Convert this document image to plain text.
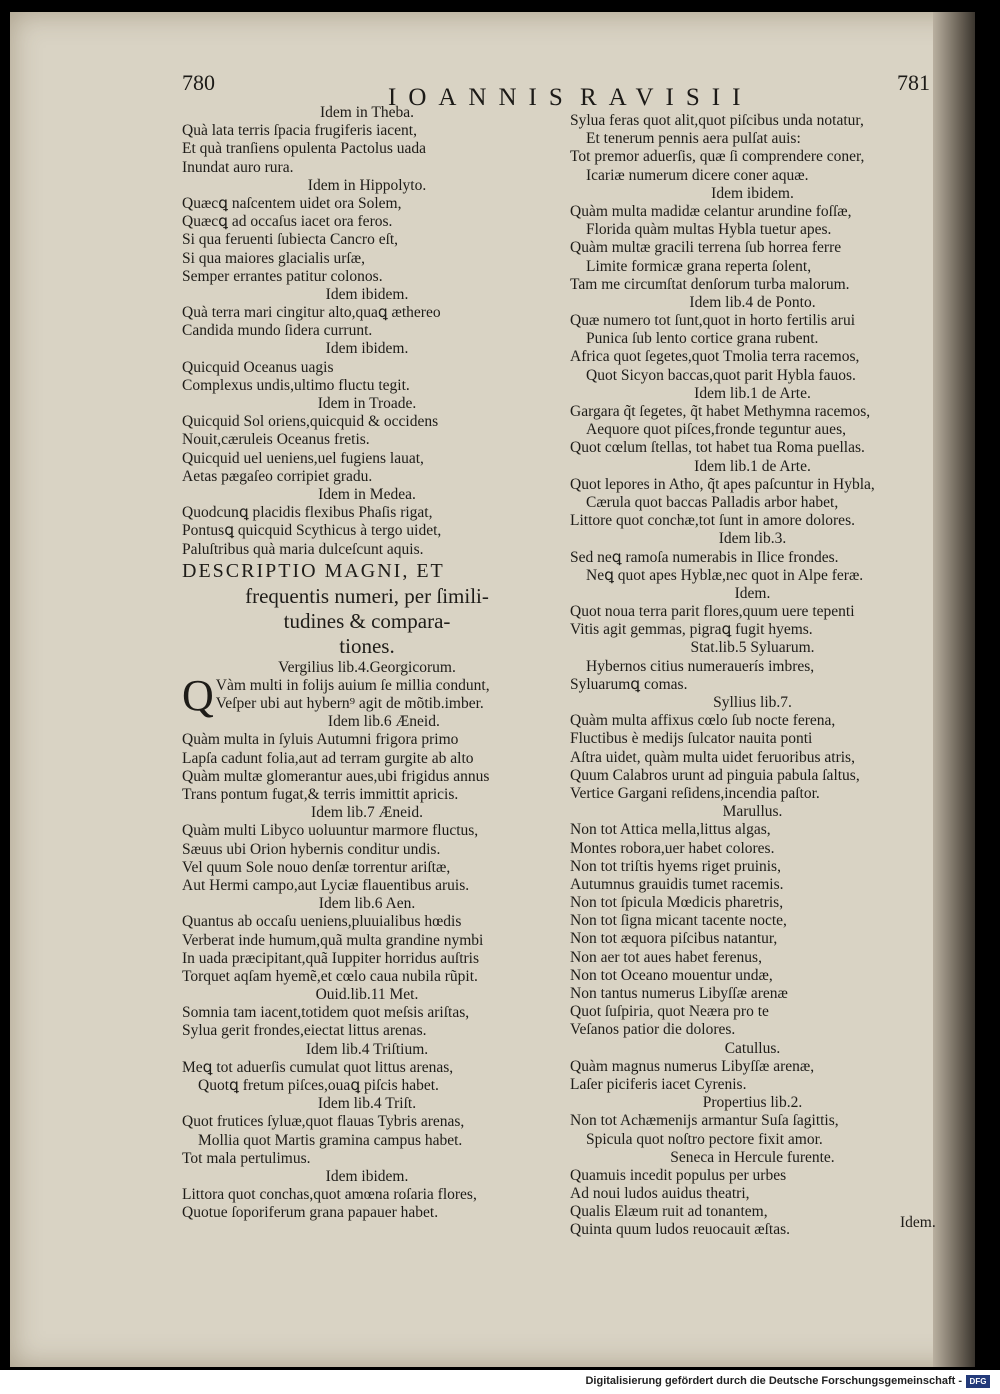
780
IOANNIS RAVISII
781
Idem in Theba.
Quà lata terris ſpacia frugiferis iacent,
Et quà tranſiens opulenta Pactolus uada
Inundat auro rura.
Idem in Hippolyto.
Quæcꝗ naſcentem uidet ora Solem,
Quæcꝗ ad occaſus iacet ora feros.
Si qua feruenti ſubiecta Cancro eſt,
Si qua maiores glacialis urſæ,
Semper errantes patitur colonos.
Idem ibidem.
Quà terra mari cingitur alto,quaꝗ æthereo
Candida mundo ſidera currunt.
Idem ibidem.
Quicquid Oceanus uagis
Complexus undis,ultimo fluctu tegit.
Idem in Troade.
Quicquid Sol oriens,quicquid & occidens
Nouit,cæruleis Oceanus fretis.
Quicquid uel ueniens,uel fugiens lauat,
Aetas pægaſeo corripiet gradu.
Idem in Medea.
Quodcunꝗ placidis flexibus Phaſis rigat,
Pontusꝗ quicquid Scythicus à tergo uidet,
Paluſtribus quà maria dulceſcunt aquis.
DESCRIPTIO MAGNI, ET
frequentis numeri, per ſimili-
tudines & compara-
tiones.
Vergilius lib.4.Georgicorum.
Q Vàm multi in folijs auium ſe millia condunt,
Veſper ubi aut hybern⁹ agit de mõtib.imber.
Idem lib.6 Æneid.
Quàm multa in ſyluis Autumni frigora primo
Lapſa cadunt folia,aut ad terram gurgite ab alto
Quàm multæ glomerantur aues,ubi frigidus annus
Trans pontum fugat,& terris immittit apricis.
Idem lib.7 Æneid.
Quàm multi Libyco uoluuntur marmore fluctus,
Sæuus ubi Orion hybernis conditur undis.
Vel quum Sole nouo denſæ torrentur ariſtæ,
Aut Hermi campo,aut Lyciæ flauentibus aruis.
Idem lib.6 Aen.
Quantus ab occaſu ueniens,pluuialibus hœdis
Verberat inde humum,quã multa grandine nymbi
In uada præcipitant,quã Iuppiter horridus auſtris
Torquet aqſam hyemẽ,et cœlo caua nubila rũpit.
Ouid.lib.11 Met.
Somnia tam iacent,totidem quot meſsis ariſtas,
Sylua gerit frondes,eiectat littus arenas.
Idem lib.4 Triſtium.
Meꝗ tot aduerſis cumulat quot littus arenas,
Quotꝗ fretum piſces,ouaꝗ piſcis habet.
Idem lib.4 Triſt.
Quot frutices ſyluæ,quot flauas Tybris arenas,
Mollia quot Martis gramina campus habet.
Tot mala pertulimus.
Idem ibidem.
Littora quot conchas,quot amœna roſaria flores,
Quotue ſoporiferum grana papauer habet.
Sylua feras quot alit,quot piſcibus unda notatur,
Et tenerum pennis aera pulſat auis:
Tot premor aduerſis, quæ ſi comprendere coner,
Icariæ numerum dicere coner aquæ.
Idem ibidem.
Quàm multa madidæ celantur arundine foſſæ,
Florida quàm multas Hybla tuetur apes.
Quàm multæ gracili terrena ſub horrea ferre
Limite formicæ grana reperta ſolent,
Tam me circumſtat denſorum turba malorum.
Idem lib.4 de Ponto.
Quæ numero tot ſunt,quot in horto fertilis arui
Punica ſub lento cortice grana rubent.
Africa quot ſegetes,quot Tmolia terra racemos,
Quot Sicyon baccas,quot parit Hybla fauos.
Idem lib.1 de Arte.
Gargara q̃t ſegetes, q̃t habet Methymna racemos,
Aequore quot piſces,fronde teguntur aues,
Quot cœlum ſtellas, tot habet tua Roma puellas.
Idem lib.1 de Arte.
Quot lepores in Atho, q̃t apes paſcuntur in Hybla,
Cærula quot baccas Palladis arbor habet,
Littore quot conchæ,tot ſunt in amore dolores.
Idem lib.3.
Sed neꝗ ramoſa numerabis in Ilice frondes.
Neꝗ quot apes Hyblæ,nec quot in Alpe feræ.
Idem.
Quot noua terra parit flores,quum uere tepenti
Vitis agit gemmas, pigraꝗ fugit hyems.
Stat.lib.5 Syluarum.
Hybernos citius numerauerís imbres,
Syluarumꝗ comas.
Syllius lib.7.
Quàm multa affixus cœlo ſub nocte ferena,
Fluctibus è medijs ſulcator nauita ponti
Aſtra uidet, quàm multa uidet feruoribus atris,
Quum Calabros urunt ad pinguia pabula ſaltus,
Vertice Gargani reſidens,incendia paſtor.
Marullus.
Non tot Attica mella,littus algas,
Montes robora,uer habet colores.
Non tot triſtis hyems riget pruinis,
Autumnus grauidis tumet racemis.
Non tot ſpicula Mœdicis pharetris,
Non tot ſigna micant tacente nocte,
Non tot æquora piſcibus natantur,
Non aer tot aues habet ferenus,
Non tot Oceano mouentur undæ,
Non tantus numerus Libyſſæ arenæ
Quot ſuſpiria, quot Neæra pro te
Veſanos patior die dolores.
Catullus.
Quàm magnus numerus Libyſſæ arenæ,
Laſer piciferis iacet Cyrenis.
Propertius lib.2.
Non tot Achæmenijs armantur Suſa ſagittis,
Spicula quot noſtro pectore fixit amor.
Seneca in Hercule furente.
Quamuis incedit populus per urbes
Ad noui ludos auidus theatri,
Qualis Elæum ruit ad tonantem,
Quinta quum ludos reuocauit æſtas.	Idem.
Digitalisierung gefördert durch die Deutsche Forschungsgemeinschaft - DFG
